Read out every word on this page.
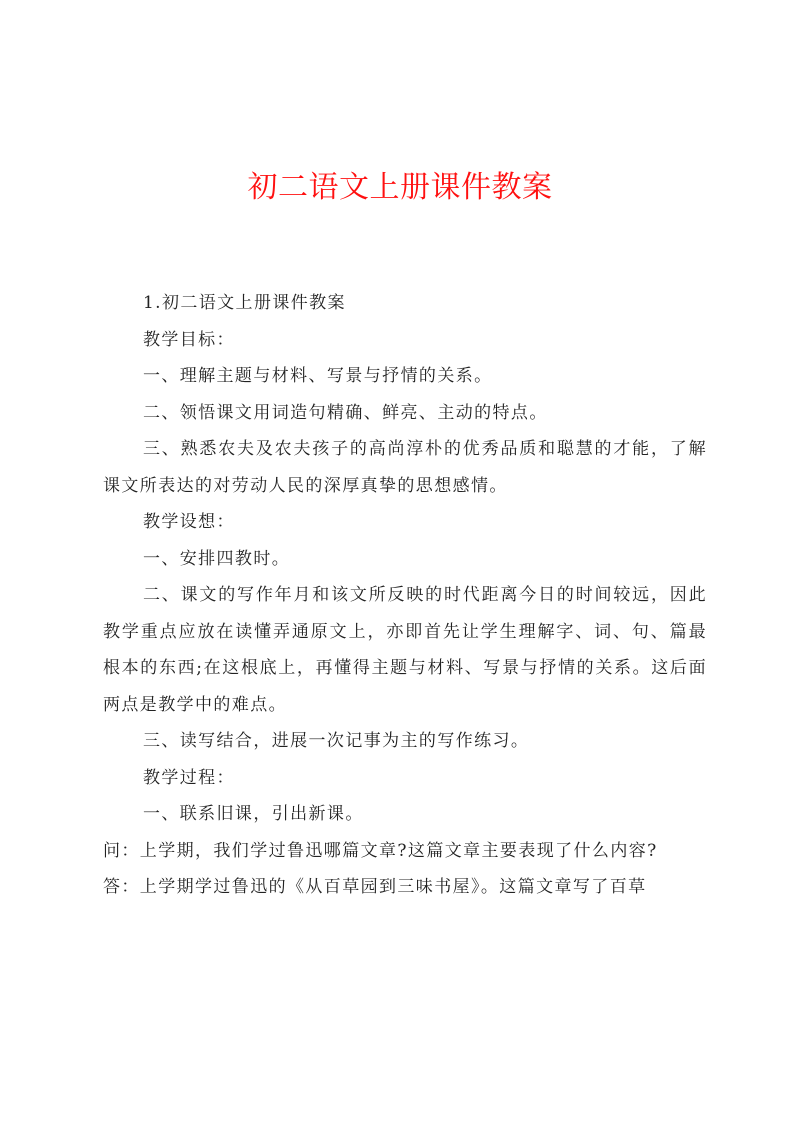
初二语文上册课件教案

1.初二语文上册课件教案

教学目标：

一、理解主题与材料、写景与抒情的关系。

二、领悟课文用词造句精确、鲜亮、主动的特点。

三、熟悉农夫及农夫孩子的高尚淳朴的优秀品质和聪慧的才能，了解课文所表达的对劳动人民的深厚真挚的思想感情。

教学设想：

一、安排四教时。

二、课文的写作年月和该文所反映的时代距离今日的时间较远，因此教学重点应放在读懂弄通原文上，亦即首先让学生理解字、词、句、篇最根本的东西;在这根底上，再懂得主题与材料、写景与抒情的关系。这后面两点是教学中的难点。

三、读写结合，进展一次记事为主的写作练习。

教学过程：

一、联系旧课，引出新课。

问：上学期，我们学过鲁迅哪篇文章?这篇文章主要表现了什么内容?

答：上学期学过鲁迅的《从百草园到三味书屋》。这篇文章写了百草
